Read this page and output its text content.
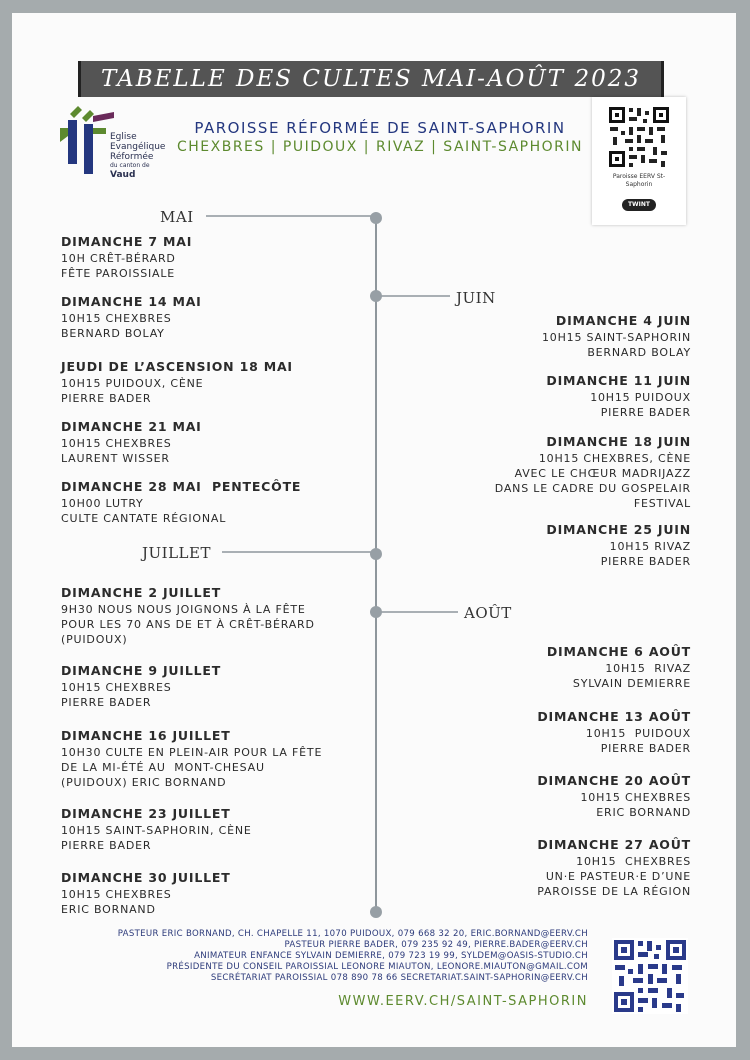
TABELLE DES CULTES MAI-AOÛT 2023
Eglise
Evangélique
Réformée
du canton de
Vaud
PAROISSE RÉFORMÉE DE SAINT-SAPHORIN
CHEXBRES | PUIDOUX | RIVAZ | SAINT-SAPHORIN
Paroisse EERV St-
Saphorin
TWINT
MAI
JUIN
JUILLET
AOÛT
DIMANCHE 7 MAI
10H CRÊT-BÉRARD
FÊTE PAROISSIALE
DIMANCHE 14 MAI
10H15 CHEXBRES
BERNARD BOLAY
JEUDI DE L’ASCENSION 18 MAI
10H15 PUIDOUX, CÈNE
PIERRE BADER
DIMANCHE 21 MAI
10H15 CHEXBRES
LAURENT WISSER
DIMANCHE 28 MAI  PENTECÔTE
10H00 LUTRY
CULTE CANTATE RÉGIONAL
DIMANCHE 2 JUILLET
9H30 NOUS NOUS JOIGNONS À LA FÊTE
POUR LES 70 ANS DE ET À CRÊT-BÉRARD
(PUIDOUX)
DIMANCHE 9 JUILLET
10H15 CHEXBRES
PIERRE BADER
DIMANCHE 16 JUILLET
10H30 CULTE EN PLEIN-AIR POUR LA FÊTE
DE LA MI-ÉTÉ AU  MONT-CHESAU
(PUIDOUX) ERIC BORNAND
DIMANCHE 23 JUILLET
10H15 SAINT-SAPHORIN, CÈNE
PIERRE BADER
DIMANCHE 30 JUILLET
10H15 CHEXBRES
ERIC BORNAND
DIMANCHE 4 JUIN
10H15 SAINT-SAPHORIN
BERNARD BOLAY
DIMANCHE 11 JUIN
10H15 PUIDOUX
PIERRE BADER
DIMANCHE 18 JUIN
10H15 CHEXBRES, CÈNE
AVEC LE CHŒUR MADRIJAZZ
DANS LE CADRE DU GOSPELAIR
FESTIVAL
DIMANCHE 25 JUIN
10H15 RIVAZ
PIERRE BADER
DIMANCHE 6 AOÛT
10H15  RIVAZ
SYLVAIN DEMIERRE
DIMANCHE 13 AOÛT
10H15  PUIDOUX
PIERRE BADER
DIMANCHE 20 AOÛT
10H15 CHEXBRES
ERIC BORNAND
DIMANCHE 27 AOÛT
10H15  CHEXBRES
UN·E PASTEUR·E D’UNE
PAROISSE DE LA RÉGION
PASTEUR ERIC BORNAND, CH. CHAPELLE 11, 1070 PUIDOUX, 079 668 32 20, ERIC.BORNAND@EERV.CH
PASTEUR PIERRE BADER, 079 235 92 49, PIERRE.BADER@EERV.CH
ANIMATEUR ENFANCE SYLVAIN DEMIERRE, 079 723 19 99, SYLDEM@OASIS-STUDIO.CH
PRÉSIDENTE DU CONSEIL PAROISSIAL LEONORE MIAUTON, LEONORE.MIAUTON@GMAIL.COM
SECRÉTARIAT PAROISSIAL 078 890 78 66 SECRETARIAT.SAINT-SAPHORIN@EERV.CH
WWW.EERV.CH/SAINT-SAPHORIN
